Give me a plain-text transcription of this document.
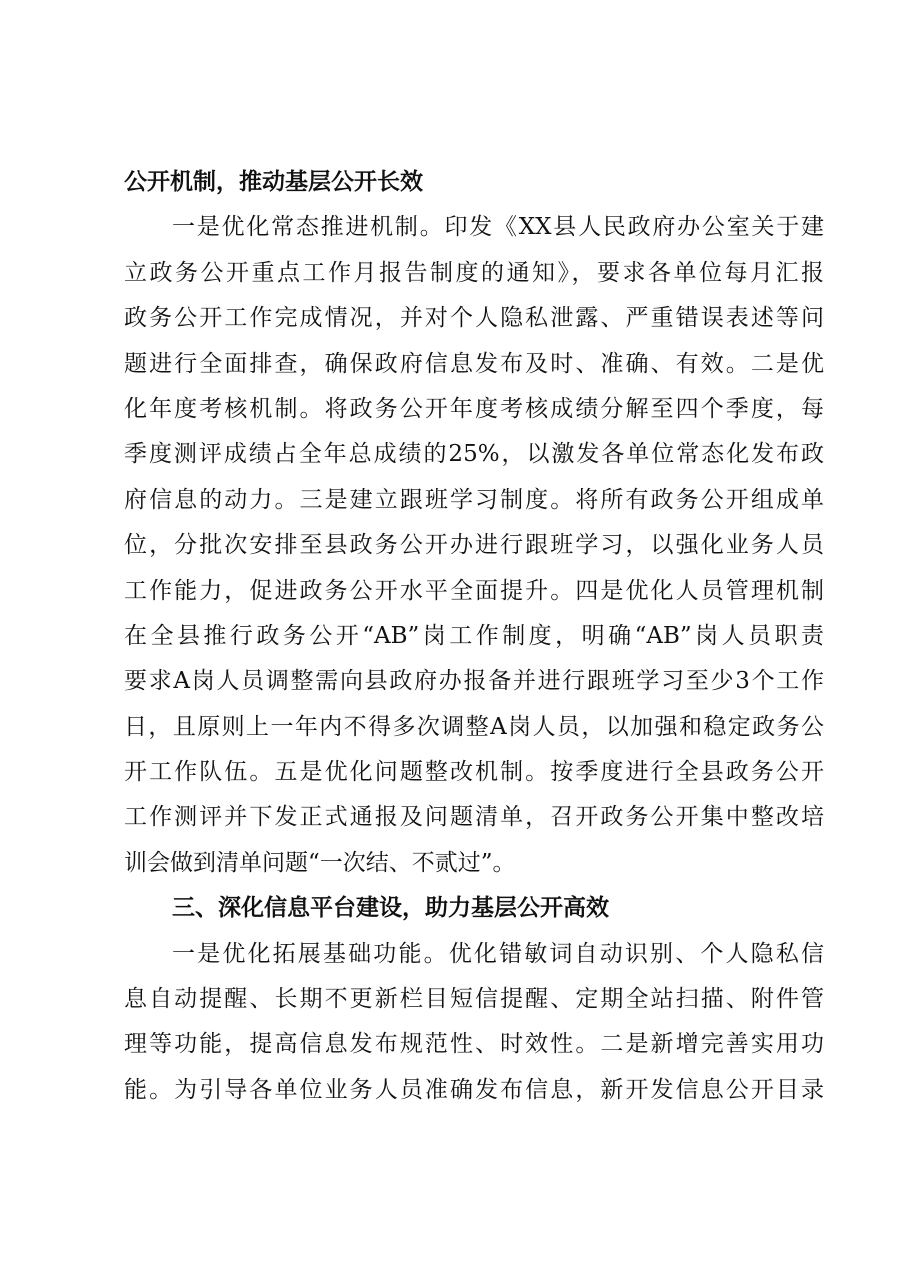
公开机制，推动基层公开长效
一是优化常态推进机制。印发《XX县人民政府办公室关于建
立政务公开重点工作月报告制度的通知》，要求各单位每月汇报
政务公开工作完成情况，并对个人隐私泄露、严重错误表述等问
题进行全面排查，确保政府信息发布及时、准确、有效。二是优
化年度考核机制。将政务公开年度考核成绩分解至四个季度，每
季度测评成绩占全年总成绩的25%，以激发各单位常态化发布政
府信息的动力。三是建立跟班学习制度。将所有政务公开组成单
位，分批次安排至县政务公开办进行跟班学习，以强化业务人员
工作能力，促进政务公开水平全面提升。四是优化人员管理机制
在全县推行政务公开“AB”岗工作制度，明确“AB”岗人员职责
要求A岗人员调整需向县政府办报备并进行跟班学习至少3个工作
日，且原则上一年内不得多次调整A岗人员，以加强和稳定政务公
开工作队伍。五是优化问题整改机制。按季度进行全县政务公开
工作测评并下发正式通报及问题清单，召开政务公开集中整改培
训会做到清单问题“一次结、不贰过”。
三、深化信息平台建设，助力基层公开高效
一是优化拓展基础功能。优化错敏词自动识别、个人隐私信
息自动提醒、长期不更新栏目短信提醒、定期全站扫描、附件管
理等功能，提高信息发布规范性、时效性。二是新增完善实用功
能。为引导各单位业务人员准确发布信息，新开发信息公开目录
